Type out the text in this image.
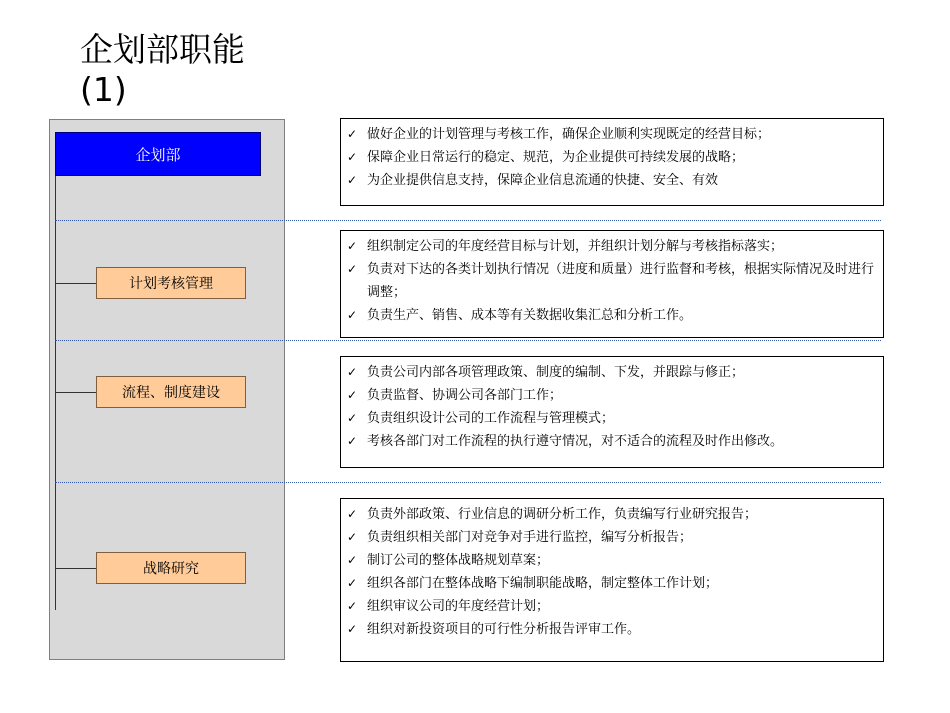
企划部职能
(1)
企划部
计划考核管理
流程、制度建设
战略研究
✓ 做好企业的计划管理与考核工作，确保企业顺利实现既定的经营目标；
✓ 保障企业日常运行的稳定、规范，为企业提供可持续发展的战略；
✓ 为企业提供信息支持，保障企业信息流通的快捷、安全、有效
✓ 组织制定公司的年度经营目标与计划，并组织计划分解与考核指标落实；
✓ 负责对下达的各类计划执行情况（进度和质量）进行监督和考核，根据实际情况及时进行调整；
✓ 负责生产、销售、成本等有关数据收集汇总和分析工作。
✓ 负责公司内部各项管理政策、制度的编制、下发，并跟踪与修正；
✓ 负责监督、协调公司各部门工作；
✓ 负责组织设计公司的工作流程与管理模式；
✓ 考核各部门对工作流程的执行遵守情况，对不适合的流程及时作出修改。
✓ 负责外部政策、行业信息的调研分析工作，负责编写行业研究报告；
✓ 负责组织相关部门对竞争对手进行监控，编写分析报告；
✓ 制订公司的整体战略规划草案；
✓ 组织各部门在整体战略下编制职能战略，制定整体工作计划；
✓ 组织审议公司的年度经营计划；
✓ 组织对新投资项目的可行性分析报告评审工作。
